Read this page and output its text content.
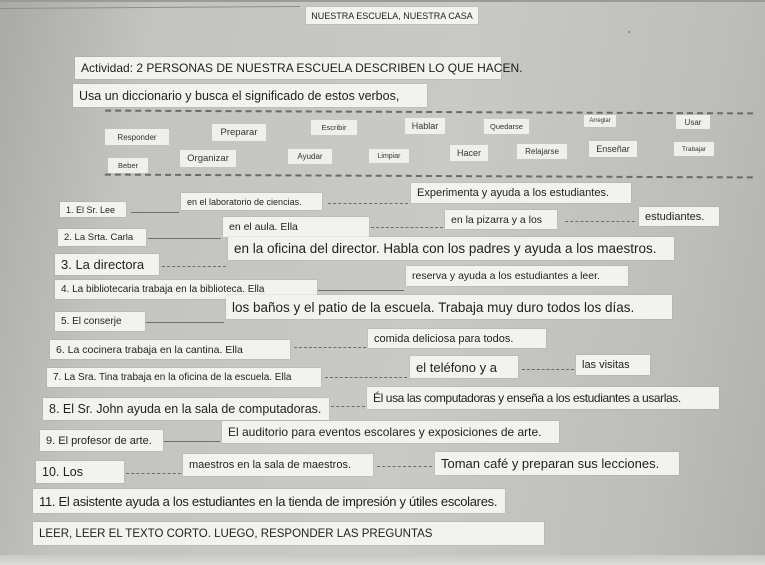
NUESTRA ESCUELA, NUESTRA CASA
Actividad: 2 PERSONAS DE NUESTRA ESCUELA DESCRIBEN LO QUE HACEN.
Usa un diccionario y busca el significado de estos verbos,
Responder	Preparar	Escribir	Hablar	Quedarse
Arreglar	Usar
Beber
Organizar	Ayudar	Limpiar	Hacer	Relajarse	Enseñar	Trabajar
1. El Sr. Lee
en el laboratorio de ciencias.
Experimenta y ayuda a los estudiantes.
2. La Srta. Carla
en el aula. Ella
en la pizarra y a los	estudiantes.
3. La directora
en la oficina del director. Habla con los padres y ayuda a los maestros.
4. La bibliotecaria trabaja en la biblioteca. Ella
reserva y ayuda a los estudiantes a leer.
5. El conserje
los baños y el patio de la escuela. Trabaja muy duro todos los días.
6. La cocinera trabaja en la cantina. Ella
comida deliciosa para todos.
7. La Sra. Tina trabaja en la oficina de la escuela. Ella
el teléfono y a	las visitas
8. El Sr. John ayuda en la sala de computadoras.
Él usa las computadoras y enseña a los estudiantes a usarlas.
9. El profesor de arte.
El auditorio para eventos escolares y exposiciones de arte.
10. Los	maestros en la sala de maestros.	Toman café y preparan sus lecciones.
11. El asistente ayuda a los estudiantes en la tienda de impresión y útiles escolares.
LEER, LEER EL TEXTO CORTO. LUEGO, RESPONDER LAS PREGUNTAS
